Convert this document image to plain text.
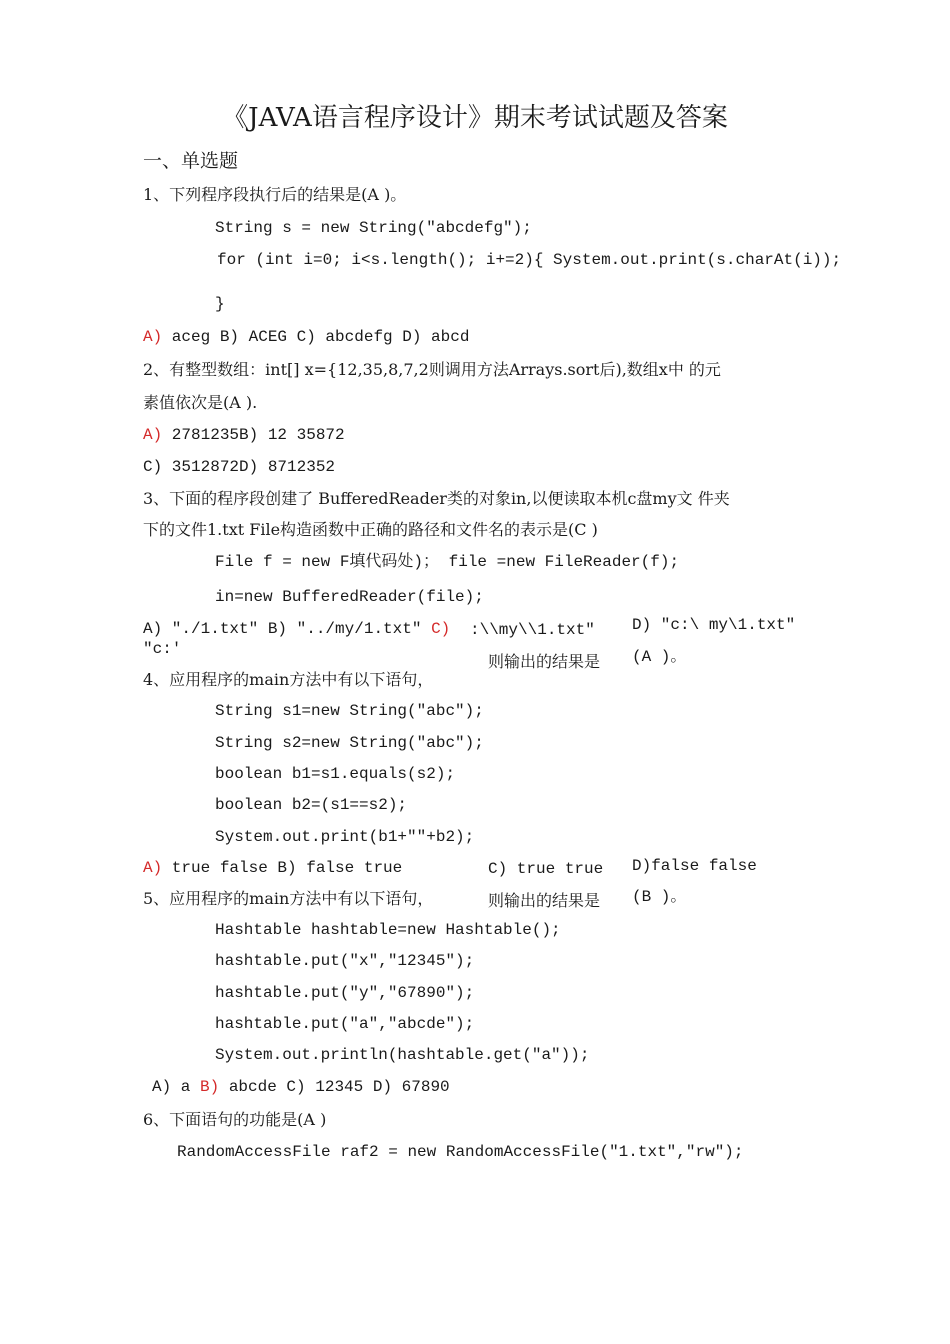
《JAVA语言程序设计》期末考试试题及答案
一、单选题
1、下列程序段执行后的结果是(A )。
String s = new String("abcdefg");
for (int i=0; i<s.length(); i+=2){ System.out.print(s.charAt(i));
}
A) aceg B) ACEG C) abcdefg D) abcd
2、有整型数组：int[] x={12,35,8,7,2则调用方法Arrays.sort后),数组x中 的元
素值依次是(A ).
A) 2781235B) 12 35872
C) 3512872D) 8712352
3、下面的程序段创建了 BufferedReader类的对象in,以便读取本机c盘my文 件夹
下的文件1.txt File构造函数中正确的路径和文件名的表示是(C )
File f = new F填代码处)； file =new FileReader(f);
in=new BufferedReader(file);
A) "./1.txt" B) "../my/1.txt" C)
"c:'
:\\my\\1.txt" D) "c:\ my\1.txt"
4、应用程序的main方法中有以下语句，
则输出的结果是 (A )。
String s1=new String("abc");
String s2=new String("abc");
boolean b1=s1.equals(s2);
boolean b2=(s1==s2);
System.out.print(b1+""+b2);
A) true false B) false true	C) true true D)false false
5、应用程序的main方法中有以下语句，	则输出的结果是 (B )。
Hashtable hashtable=new Hashtable();
hashtable.put("x","12345");
hashtable.put("y","67890");
hashtable.put("a","abcde");
System.out.println(hashtable.get("a"));
A) a B) abcde C) 12345 D) 67890
6、下面语句的功能是(A )
RandomAccessFile raf2 = new RandomAccessFile("1.txt","rw");
